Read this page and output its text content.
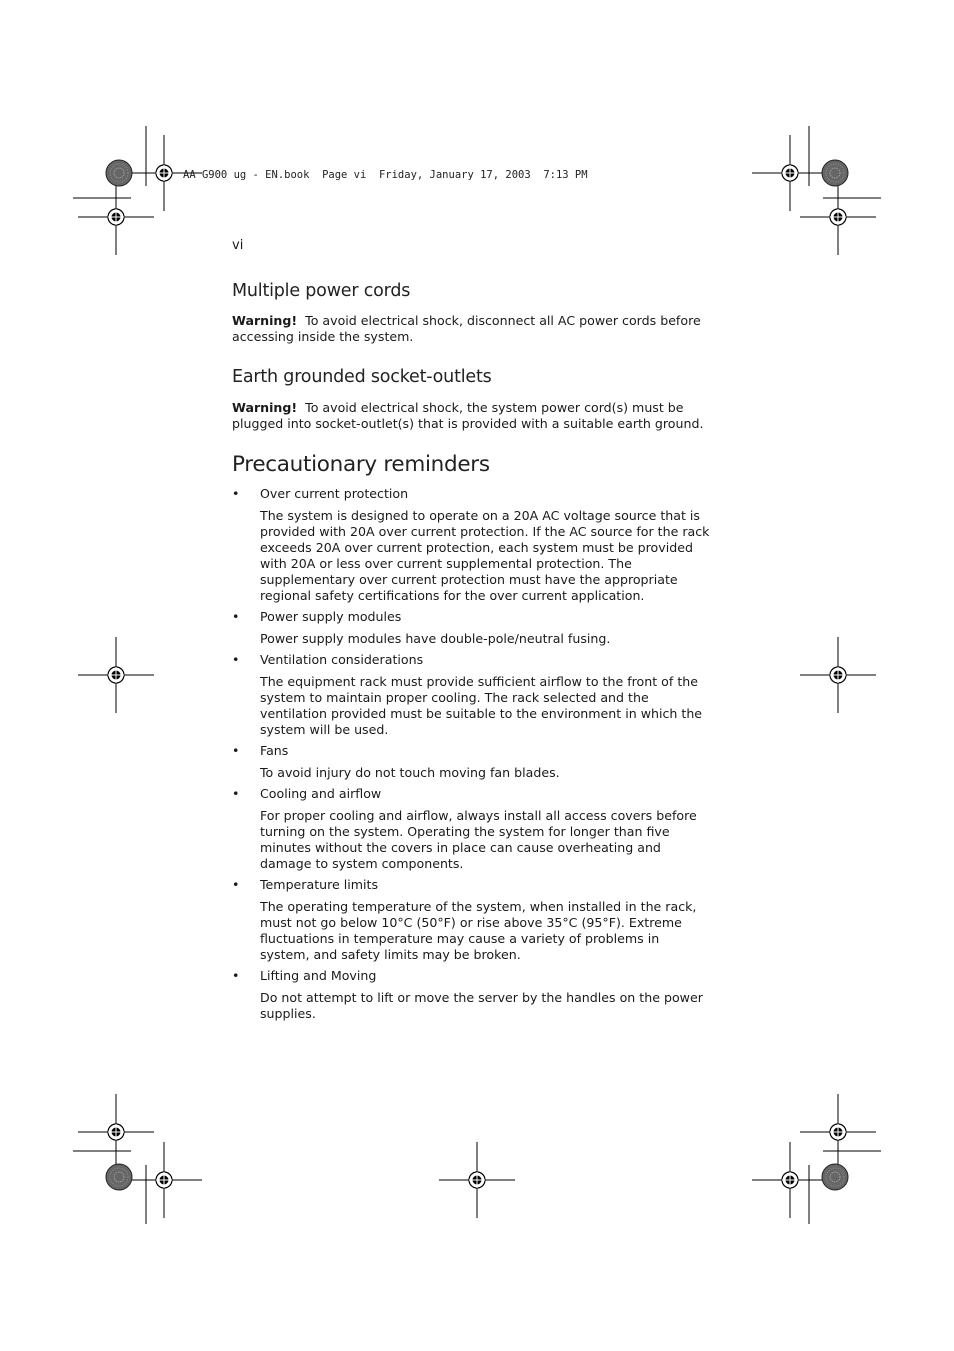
AA G900 ug - EN.book  Page vi  Friday, January 17, 2003  7:13 PM
vi
Multiple power cords
Warning! To avoid electrical shock, disconnect all AC power cords before accessing inside the system.
Earth grounded socket-outlets
Warning! To avoid electrical shock, the system power cord(s) must be plugged into socket-outlet(s) that is provided with a suitable earth ground.
Precautionary reminders
• Over current protection
The system is designed to operate on a 20A AC voltage source that is provided with 20A over current protection. If the AC source for the rack exceeds 20A over current protection, each system must be provided with 20A or less over current supplemental protection. The supplementary over current protection must have the appropriate regional safety certifications for the over current application.
• Power supply modules
Power supply modules have double-pole/neutral fusing.
• Ventilation considerations
The equipment rack must provide sufficient airflow to the front of the system to maintain proper cooling. The rack selected and the ventilation provided must be suitable to the environment in which the system will be used.
• Fans
To avoid injury do not touch moving fan blades.
• Cooling and airflow
For proper cooling and airflow, always install all access covers before turning on the system. Operating the system for longer than five minutes without the covers in place can cause overheating and damage to system components.
• Temperature limits
The operating temperature of the system, when installed in the rack, must not go below 10°C (50°F) or rise above 35°C (95°F). Extreme fluctuations in temperature may cause a variety of problems in system, and safety limits may be broken.
• Lifting and Moving
Do not attempt to lift or move the server by the handles on the power supplies.
